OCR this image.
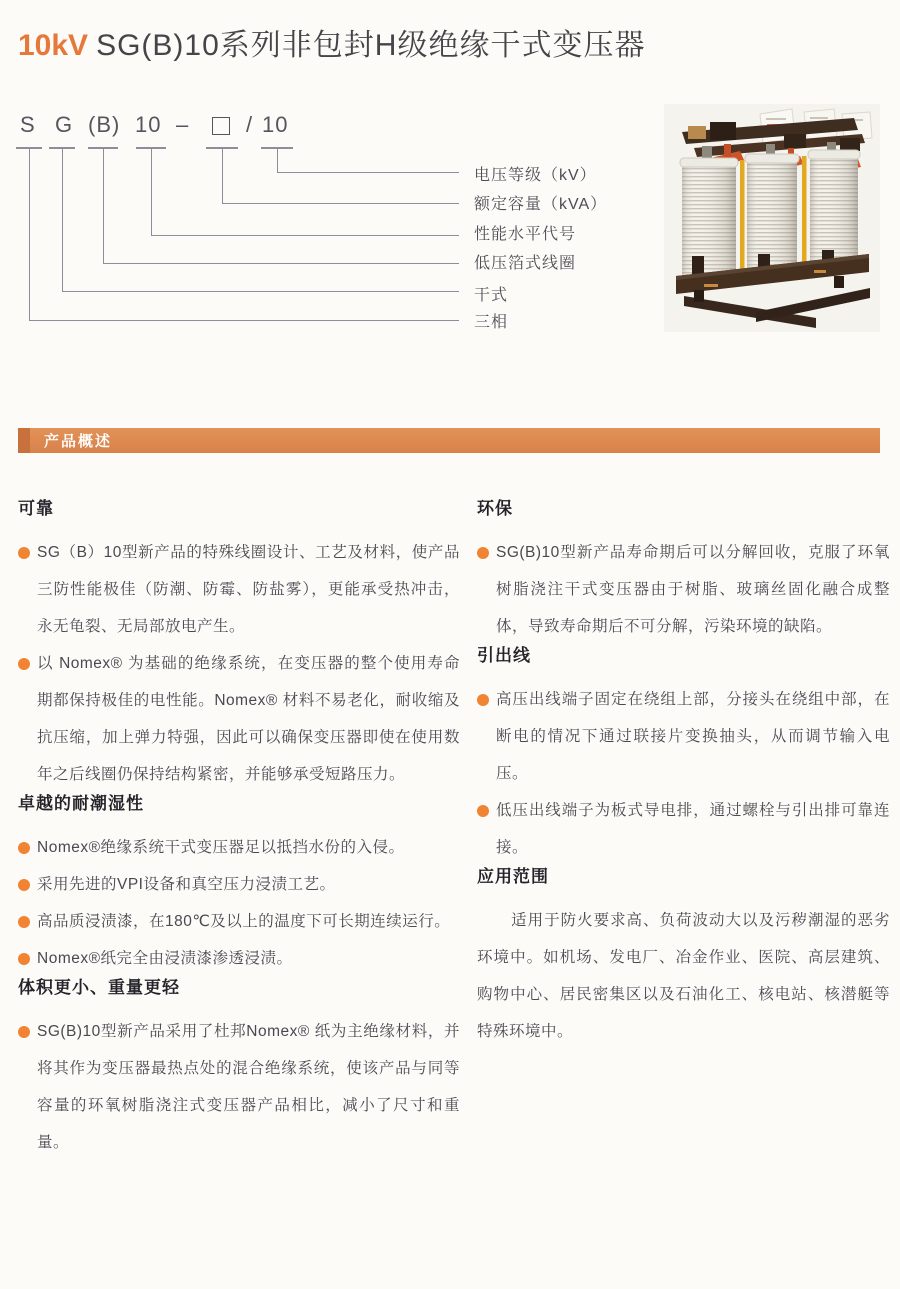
10kV SG(B)10系列非包封H级绝缘干式变压器
S G (B) 10 –	/ 10
电压等级（kV）
额定容量（kVA）
性能水平代号
低压箔式线圈
干式
三相
产品概述
可靠

SG（B）10型新产品的特殊线圈设计、工艺及材料，使产品三防性能极佳（防潮、防霉、防盐雾），更能承受热冲击，永无龟裂、无局部放电产生。

以 Nomex® 为基础的绝缘系统，在变压器的整个使用寿命期都保持极佳的电性能。Nomex® 材料不易老化，耐收缩及抗压缩，加上弹力特强，因此可以确保变压器即使在使用数年之后线圈仍保持结构紧密，并能够承受短路压力。

卓越的耐潮湿性

Nomex®绝缘系统干式变压器足以抵挡水份的入侵。

采用先进的VPI设备和真空压力浸渍工艺。

高品质浸渍漆，在180℃及以上的温度下可长期连续运行。

Nomex®纸完全由浸渍漆渗透浸渍。

体积更小、重量更轻

SG(B)10型新产品采用了杜邦Nomex® 纸为主绝缘材料，并将其作为变压器最热点处的混合绝缘系统，使该产品与同等容量的环氧树脂浇注式变压器产品相比，减小了尺寸和重量。

环保

SG(B)10型新产品寿命期后可以分解回收，克服了环氧树脂浇注干式变压器由于树脂、玻璃丝固化融合成整体，导致寿命期后不可分解，污染环境的缺陷。

引出线

高压出线端子固定在绕组上部，分接头在绕组中部，在断电的情况下通过联接片变换抽头，从而调节输入电压。

低压出线端子为板式导电排，通过螺栓与引出排可靠连接。

应用范围

适用于防火要求高、负荷波动大以及污秽潮湿的恶劣环境中。如机场、发电厂、冶金作业、医院、高层建筑、购物中心、居民密集区以及石油化工、核电站、核潜艇等特殊环境中。
